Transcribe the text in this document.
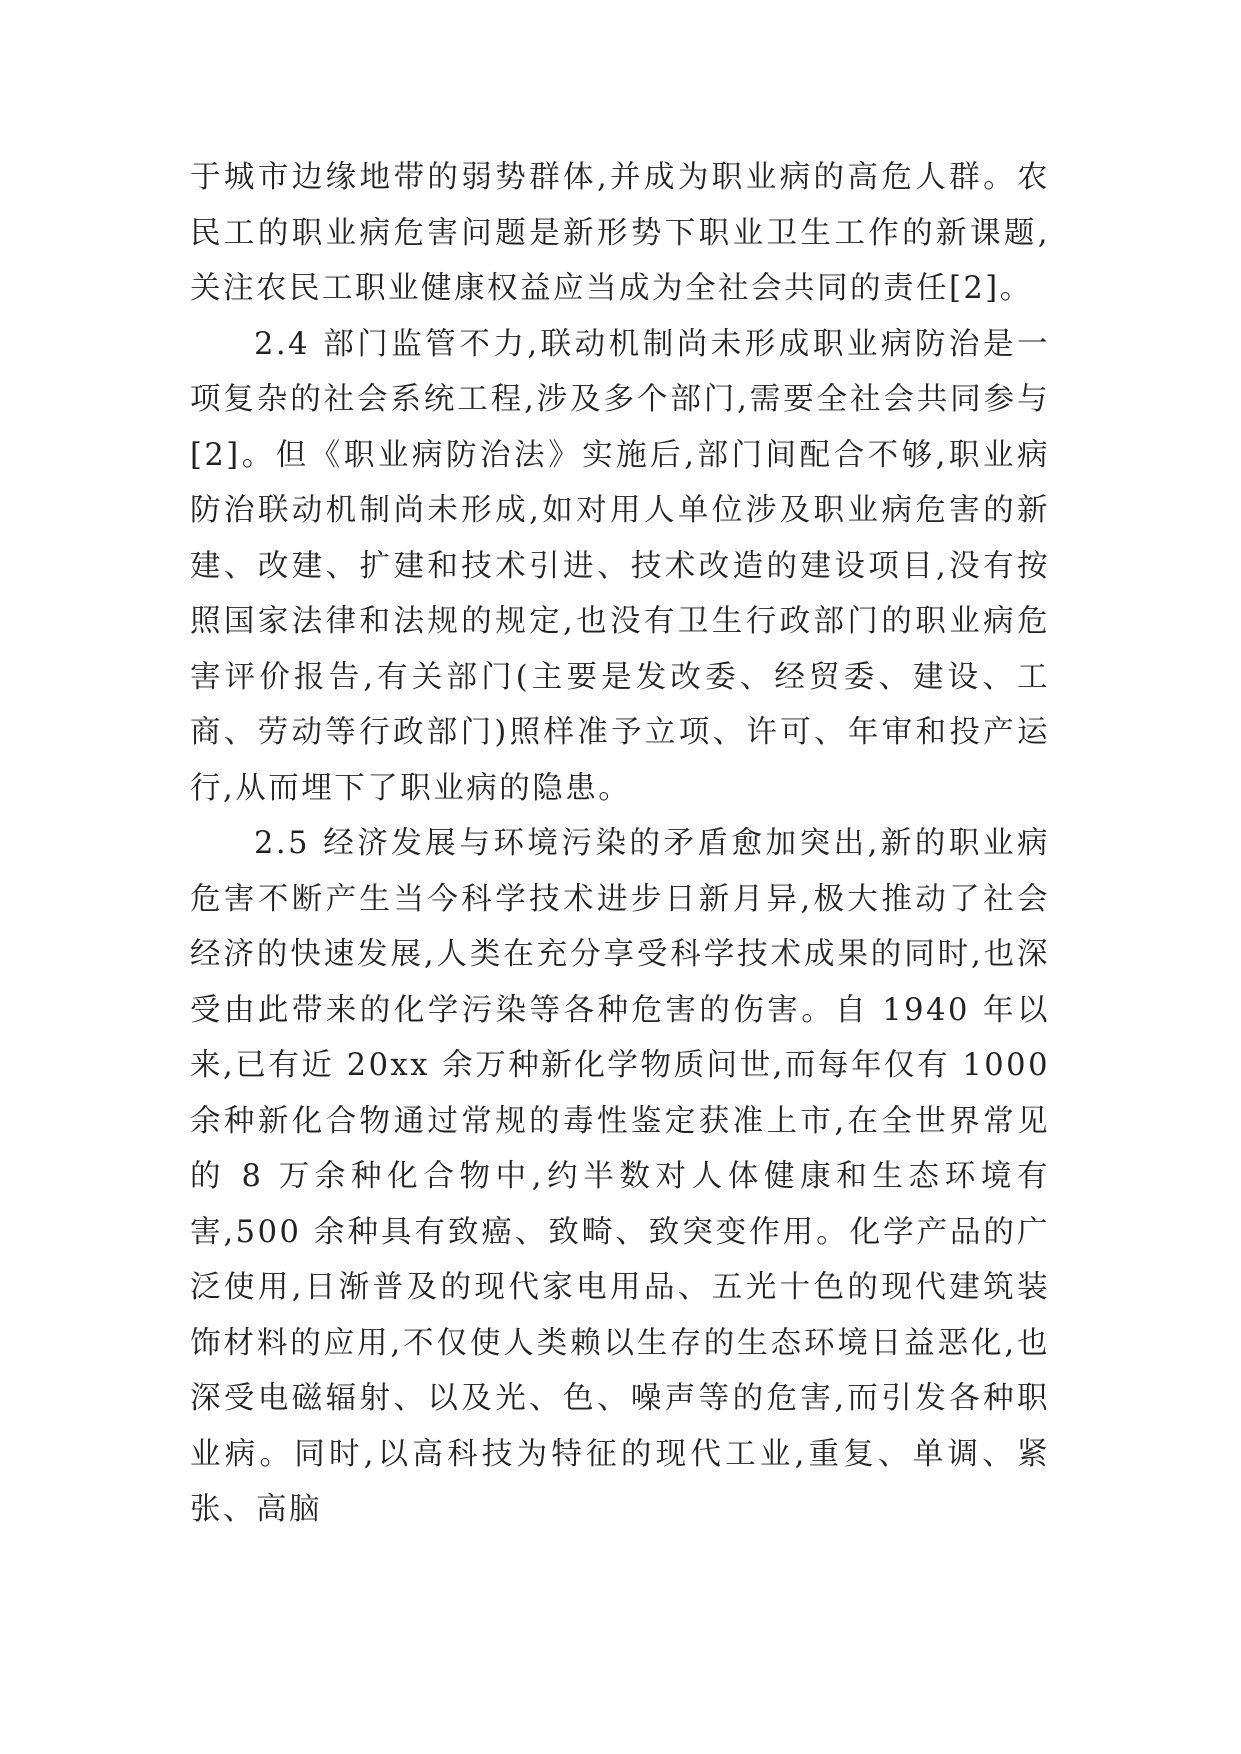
于城市边缘地带的弱势群体,并成为职业病的高危人群。农民工的职业病危害问题是新形势下职业卫生工作的新课题,关注农民工职业健康权益应当成为全社会共同的责任[2]。

2.4 部门监管不力,联动机制尚未形成职业病防治是一项复杂的社会系统工程,涉及多个部门,需要全社会共同参与[2]。但《职业病防治法》实施后,部门间配合不够,职业病防治联动机制尚未形成,如对用人单位涉及职业病危害的新建、改建、扩建和技术引进、技术改造的建设项目,没有按照国家法律和法规的规定,也没有卫生行政部门的职业病危害评价报告,有关部门(主要是发改委、经贸委、建设、工商、劳动等行政部门)照样准予立项、许可、年审和投产运行,从而埋下了职业病的隐患。

2.5 经济发展与环境污染的矛盾愈加突出,新的职业病危害不断产生当今科学技术进步日新月异,极大推动了社会经济的快速发展,人类在充分享受科学技术成果的同时,也深受由此带来的化学污染等各种危害的伤害。自 1940 年以来,已有近 20xx 余万种新化学物质问世,而每年仅有 1000 余种新化合物通过常规的毒性鉴定获准上市,在全世界常见的 8 万余种化合物中,约半数对人体健康和生态环境有害,500 余种具有致癌、致畸、致突变作用。化学产品的广泛使用,日渐普及的现代家电用品、五光十色的现代建筑装饰材料的应用,不仅使人类赖以生存的生态环境日益恶化,也深受电磁辐射、以及光、色、噪声等的危害,而引发各种职业病。同时,以高科技为特征的现代工业,重复、单调、紧张、高脑
